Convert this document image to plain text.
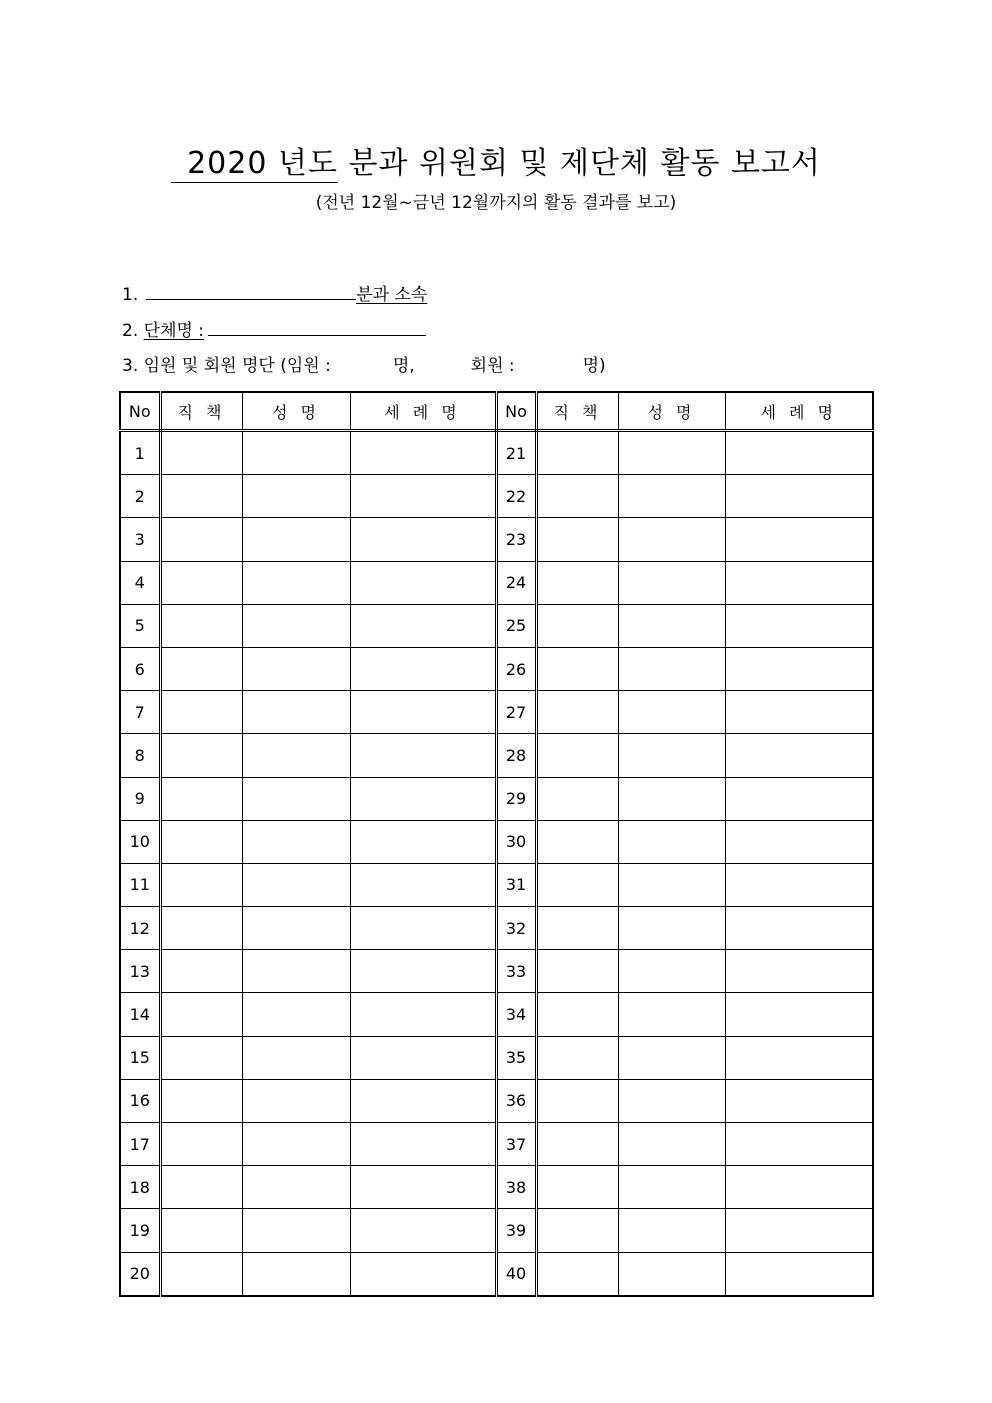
2020 년도 분과 위원회 및 제단체 활동 보고서
(전년 12월~금년 12월까지의 활동 결과를 보고)
1.	분과 소속
2. 단체명 :
3. 임원 및 회원 명단 (임원 :	명,	회원 :	명)
No	직 책	성 명	세 례 명	No	직 책	성 명	세 례 명
1				21			
2				22			
3				23			
4				24			
5				25			
6				26			
7				27			
8				28			
9				29			
10				30			
11				31			
12				32			
13				33			
14				34			
15				35			
16				36			
17				37			
18				38			
19				39			
20				40			
